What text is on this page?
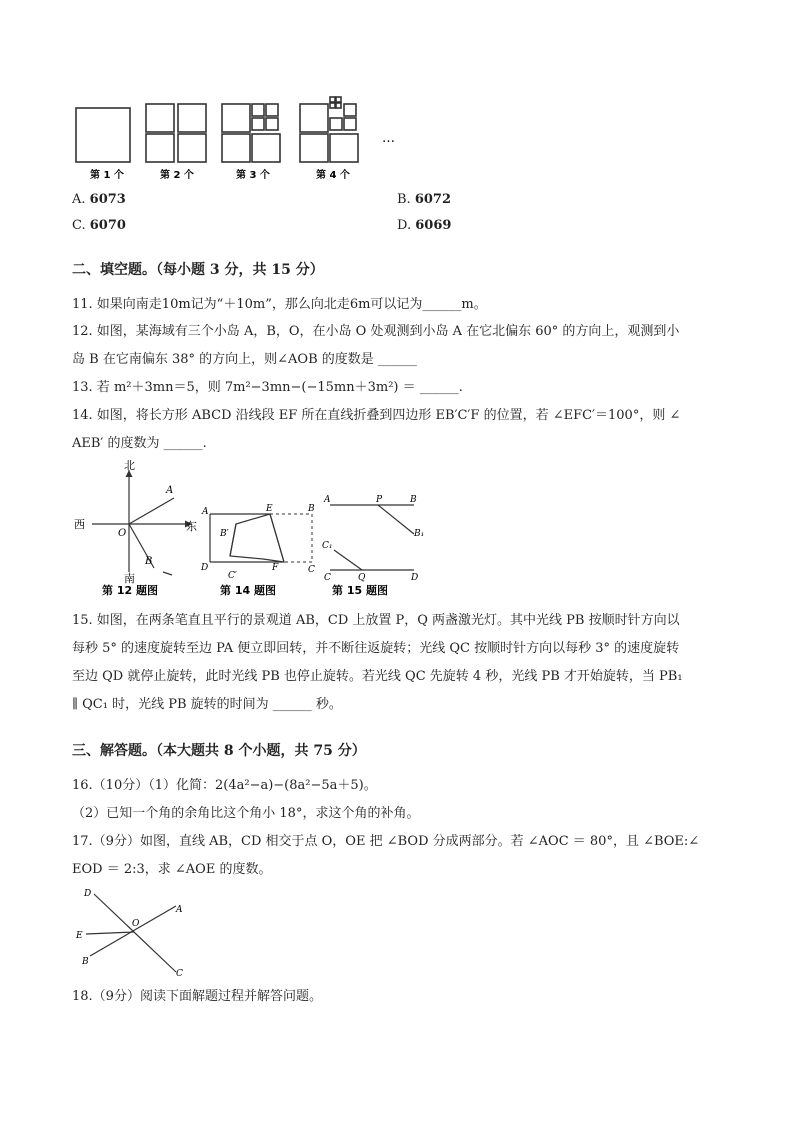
第 1 个	第 2 个	第 3 个	第 4 个
…
A. 6073	B. 6072
C. 6070	D. 6069
二、填空题。（每小题 3 分，共 15 分）
11. 如果向南走10m记为“＋10m”，那么向北走6m可以记为______m。
12. 如图，某海域有三个小岛 A，B，O，在小岛 O 处观测到小岛 A 在它北偏东 60° 的方向上，观测到小
岛 B 在它南偏东 38° 的方向上，则∠AOB 的度数是 ______
13. 若 m²＋3mn＝5，则 7m²−3mn−(−15mn＋3m²) ＝ ______.
14. 如图，将长方形 ABCD 沿线段 EF 所在直线折叠到四边形 EB′C′F 的位置，若 ∠EFC′＝100°，则 ∠
AEB′ 的度数为 ______.
北
南
西	东
O
A
B
第 12 题图
A	E	B
B′
D
C′
F	C
第 14 题图
A	P	B
B₁
C₁
C	Q	D
第 15 题图
15. 如图，在两条笔直且平行的景观道 AB，CD 上放置 P，Q 两盏激光灯。其中光线 PB 按顺时针方向以
每秒 5° 的速度旋转至边 PA 便立即回转，并不断往返旋转；光线 QC 按顺时针方向以每秒 3° 的速度旋转
至边 QD 就停止旋转，此时光线 PB 也停止旋转。若光线 QC 先旋转 4 秒，光线 PB 才开始旋转，当 PB₁
∥ QC₁ 时，光线 PB 旋转的时间为 ______ 秒。
三、解答题。（本大题共 8 个小题，共 75 分）
16.（10分）（1）化简：2(4a²−a)−(8a²−5a＋5)。
（2）已知一个角的余角比这个角小 18°，求这个角的补角。
17.（9分）如图，直线 AB，CD 相交于点 O，OE 把 ∠BOD 分成两部分。若 ∠AOC ＝ 80°，且 ∠BOE:∠
EOD ＝ 2:3，求 ∠AOE 的度数。
D
A
E
O
B
C
18.（9分）阅读下面解题过程并解答问题。
